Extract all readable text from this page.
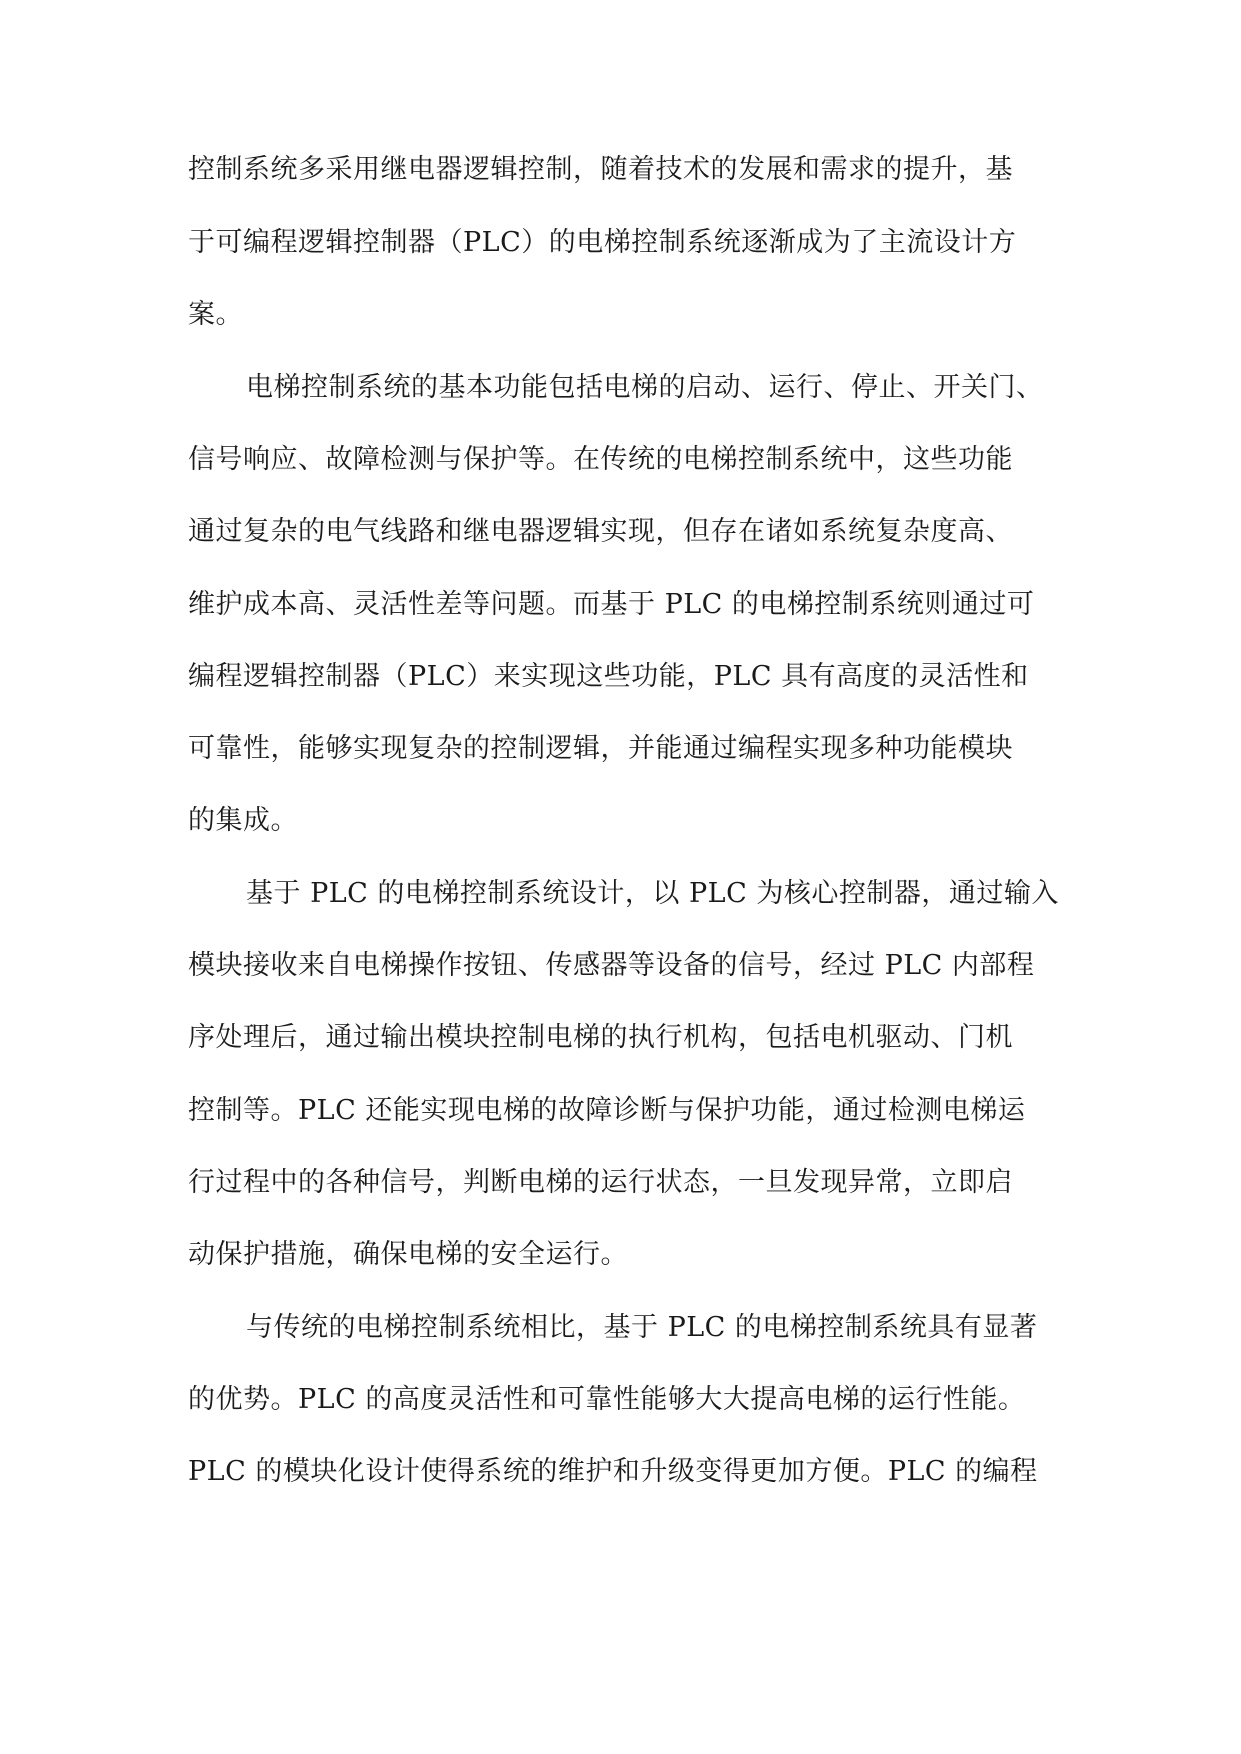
控制系统多采用继电器逻辑控制，随着技术的发展和需求的提升，基

于可编程逻辑控制器（PLC）的电梯控制系统逐渐成为了主流设计方

案。

电梯控制系统的基本功能包括电梯的启动、运行、停止、开关门、

信号响应、故障检测与保护等。在传统的电梯控制系统中，这些功能

通过复杂的电气线路和继电器逻辑实现，但存在诸如系统复杂度高、

维护成本高、灵活性差等问题。而基于 PLC 的电梯控制系统则通过可

编程逻辑控制器（PLC）来实现这些功能，PLC 具有高度的灵活性和

可靠性，能够实现复杂的控制逻辑，并能通过编程实现多种功能模块

的集成。

基于 PLC 的电梯控制系统设计，以 PLC 为核心控制器，通过输入

模块接收来自电梯操作按钮、传感器等设备的信号，经过 PLC 内部程

序处理后，通过输出模块控制电梯的执行机构，包括电机驱动、门机

控制等。PLC 还能实现电梯的故障诊断与保护功能，通过检测电梯运

行过程中的各种信号，判断电梯的运行状态，一旦发现异常，立即启

动保护措施，确保电梯的安全运行。

与传统的电梯控制系统相比，基于 PLC 的电梯控制系统具有显著

的优势。PLC 的高度灵活性和可靠性能够大大提高电梯的运行性能。

PLC 的模块化设计使得系统的维护和升级变得更加方便。PLC 的编程
